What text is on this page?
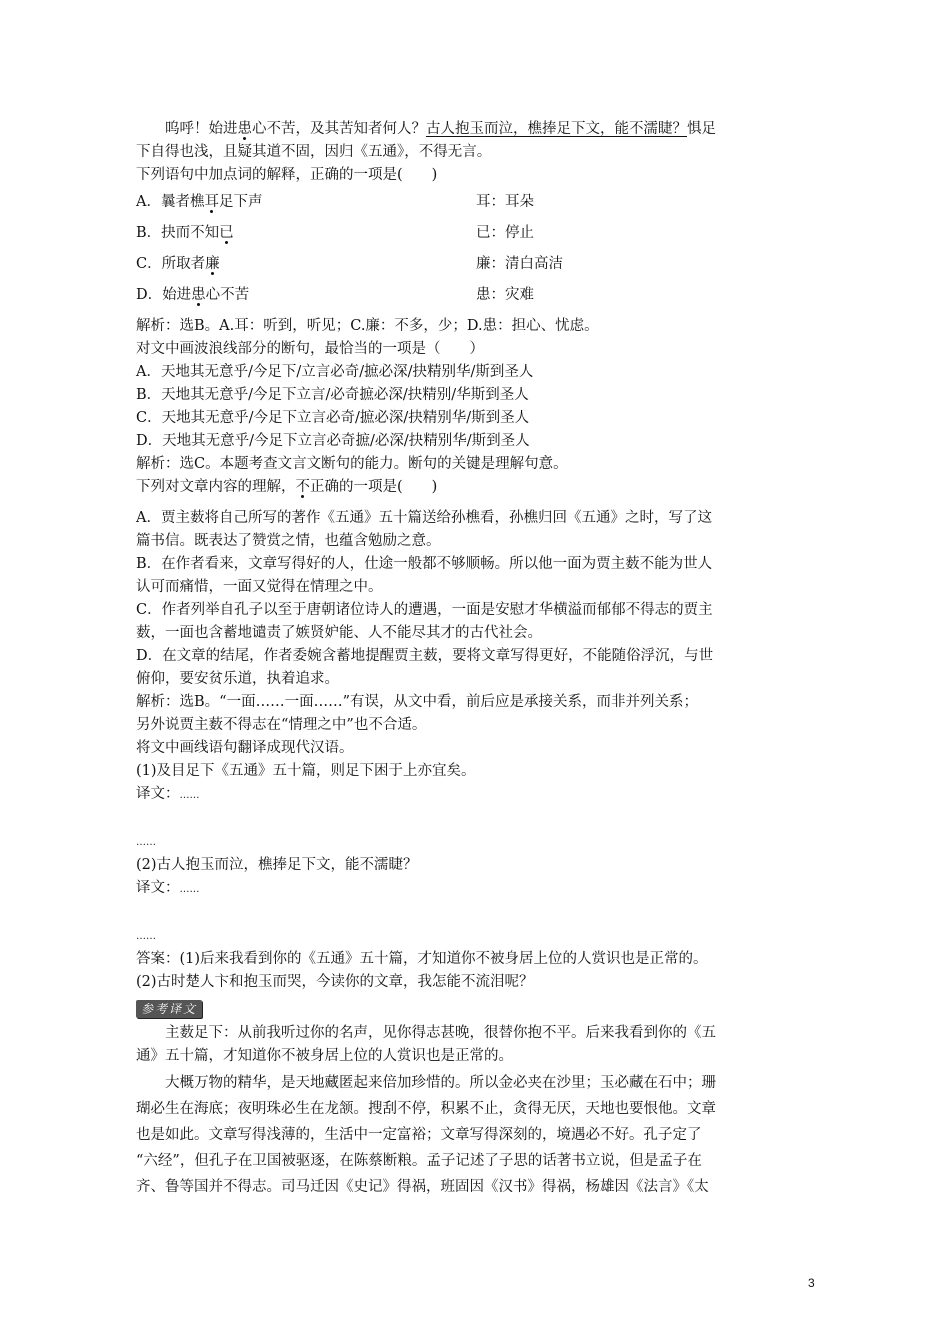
呜呼！始进患心不苦，及其苦知者何人？古人抱玉而泣，樵捧足下文，能不濡睫？惧足
下自得也浅，且疑其道不固，因归《五通》，不得无言。
下列语句中加点词的解释，正确的一项是(　　)
A．曩者樵耳足下声	耳：耳朵
B．抉而不知已	已：停止
C．所取者廉	廉：清白高洁
D．始进患心不苦	患：灾难
解析：选B。A.耳：听到，听见；C.廉：不多，少；D.患：担心、忧虑。
对文中画波浪线部分的断句，最恰当的一项是（　　）
A．天地其无意乎/今足下/立言必奇/摭必深/抉精别华/斯到圣人
B．天地其无意乎/今足下立言/必奇摭必深/抉精别/华斯到圣人
C．天地其无意乎/今足下立言必奇/摭必深/抉精别华/斯到圣人
D．天地其无意乎/今足下立言必奇摭/必深/抉精别华/斯到圣人
解析：选C。本题考查文言文断句的能力。断句的关键是理解句意。
下列对文章内容的理解，不正确的一项是(　　)
A．贾主薮将自己所写的著作《五通》五十篇送给孙樵看，孙樵归回《五通》之时，写了这
篇书信。既表达了赞赏之情，也蕴含勉励之意。
B．在作者看来，文章写得好的人，仕途一般都不够顺畅。所以他一面为贾主薮不能为世人
认可而痛惜，一面又觉得在情理之中。
C．作者列举自孔子以至于唐朝诸位诗人的遭遇，一面是安慰才华横溢而郁郁不得志的贾主
薮，一面也含蓄地谴责了嫉贤妒能、人不能尽其才的古代社会。
D．在文章的结尾，作者委婉含蓄地提醒贾主薮，要将文章写得更好，不能随俗浮沉，与世
俯仰，要安贫乐道，执着追求。
解析：选B。“一面……一面……”有误，从文中看，前后应是承接关系，而非并列关系；
另外说贾主薮不得志在“情理之中”也不合适。
将文中画线语句翻译成现代汉语。
(1)及目足下《五通》五十篇，则足下困于上亦宜矣。
译文：……
……
(2)古人抱玉而泣，樵捧足下文，能不濡睫？
译文：……
……
答案：(1)后来我看到你的《五通》五十篇，才知道你不被身居上位的人赏识也是正常的。
(2)古时楚人卞和抱玉而哭，今读你的文章，我怎能不流泪呢？
参考译文
主薮足下：从前我听过你的名声，见你得志甚晚，很替你抱不平。后来我看到你的《五
通》五十篇，才知道你不被身居上位的人赏识也是正常的。
大概万物的精华，是天地藏匿起来倍加珍惜的。所以金必夹在沙里；玉必藏在石中；珊
瑚必生在海底；夜明珠必生在龙颔。搜刮不停，积累不止，贪得无厌，天地也要恨他。文章
也是如此。文章写得浅薄的，生活中一定富裕；文章写得深刻的，境遇必不好。孔子定了
“六经”，但孔子在卫国被驱逐，在陈蔡断粮。孟子记述了子思的话著书立说，但是孟子在
齐、鲁等国并不得志。司马迁因《史记》得祸，班固因《汉书》得祸，杨雄因《法言》《太
3
